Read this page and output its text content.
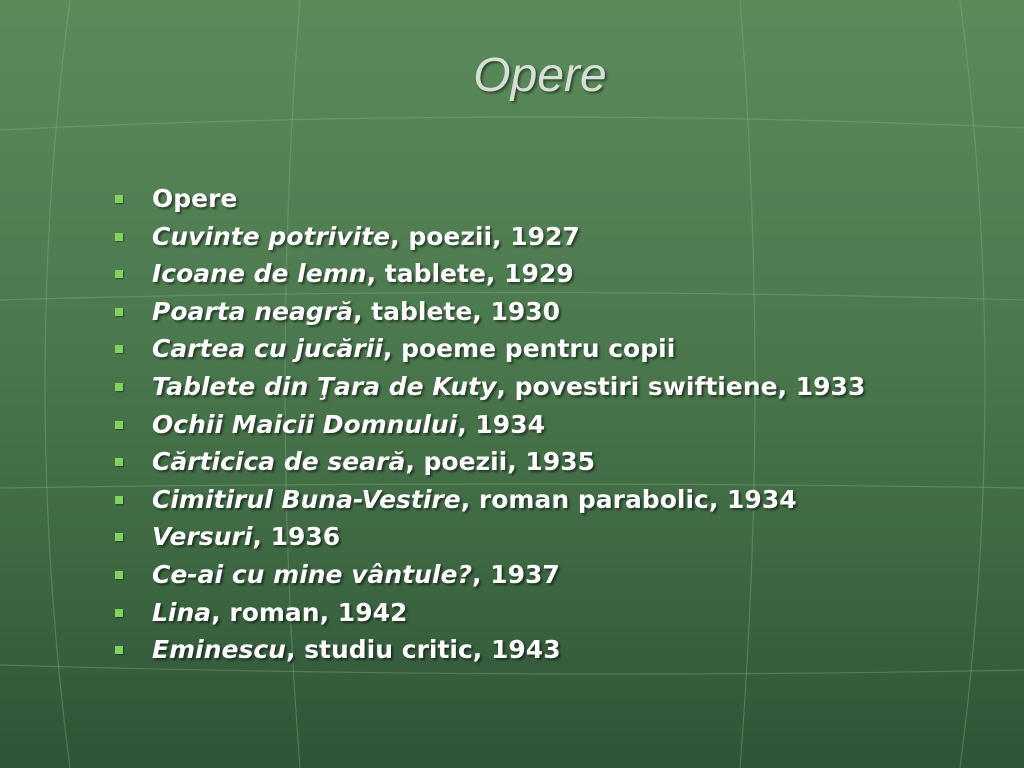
Opere
Opere
Cuvinte potrivite, poezii, 1927
Icoane de lemn, tablete, 1929
Poarta neagră, tablete, 1930
Cartea cu jucării, poeme pentru copii
Tablete din Ţara de Kuty, povestiri swiftiene, 1933
Ochii Maicii Domnului, 1934
Cărticica de seară, poezii, 1935
Cimitirul Buna-Vestire, roman parabolic, 1934
Versuri, 1936
Ce-ai cu mine vântule?, 1937
Lina, roman, 1942
Eminescu, studiu critic, 1943
